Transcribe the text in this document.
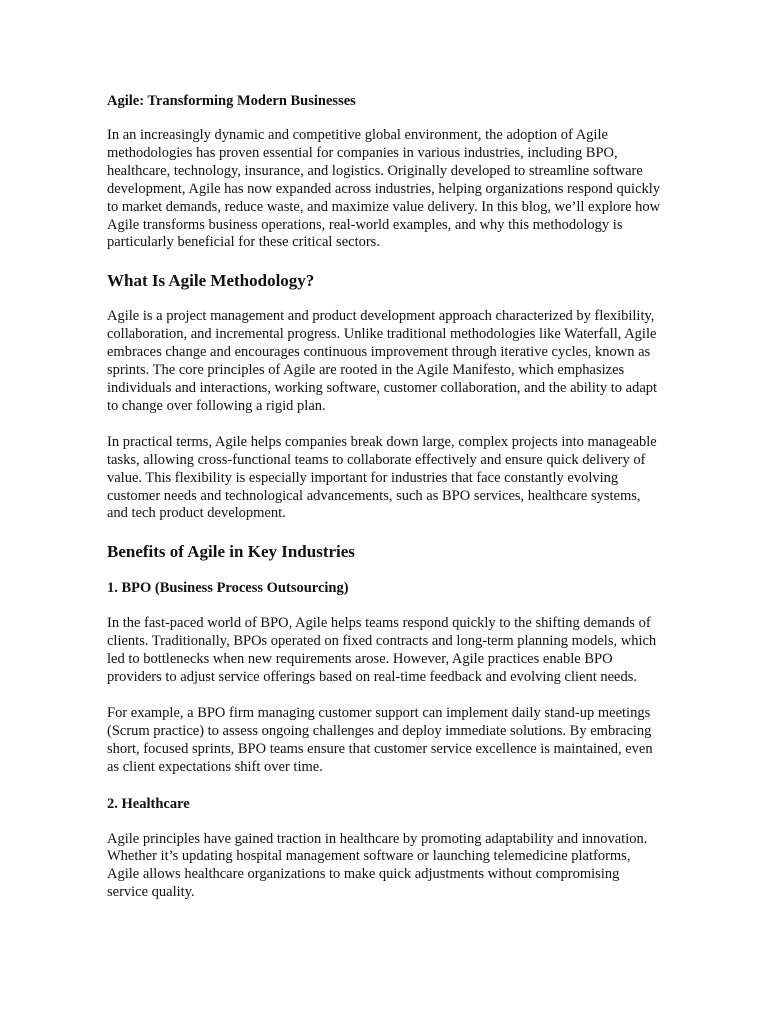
Agile: Transforming Modern Businesses

In an increasingly dynamic and competitive global environment, the adoption of Agile methodologies has proven essential for companies in various industries, including BPO, healthcare, technology, insurance, and logistics. Originally developed to streamline software development, Agile has now expanded across industries, helping organizations respond quickly to market demands, reduce waste, and maximize value delivery. In this blog, we’ll explore how Agile transforms business operations, real-world examples, and why this methodology is particularly beneficial for these critical sectors.

What Is Agile Methodology?

Agile is a project management and product development approach characterized by flexibility, collaboration, and incremental progress. Unlike traditional methodologies like Waterfall, Agile embraces change and encourages continuous improvement through iterative cycles, known as sprints. The core principles of Agile are rooted in the Agile Manifesto, which emphasizes individuals and interactions, working software, customer collaboration, and the ability to adapt to change over following a rigid plan.

In practical terms, Agile helps companies break down large, complex projects into manageable tasks, allowing cross-functional teams to collaborate effectively and ensure quick delivery of value. This flexibility is especially important for industries that face constantly evolving customer needs and technological advancements, such as BPO services, healthcare systems, and tech product development.

Benefits of Agile in Key Industries
1. BPO (Business Process Outsourcing)

In the fast-paced world of BPO, Agile helps teams respond quickly to the shifting demands of clients. Traditionally, BPOs operated on fixed contracts and long-term planning models, which led to bottlenecks when new requirements arose. However, Agile practices enable BPO providers to adjust service offerings based on real-time feedback and evolving client needs.

For example, a BPO firm managing customer support can implement daily stand-up meetings (Scrum practice) to assess ongoing challenges and deploy immediate solutions. By embracing short, focused sprints, BPO teams ensure that customer service excellence is maintained, even as client expectations shift over time.

2. Healthcare

Agile principles have gained traction in healthcare by promoting adaptability and innovation. Whether it’s updating hospital management software or launching telemedicine platforms, Agile allows healthcare organizations to make quick adjustments without compromising service quality.
